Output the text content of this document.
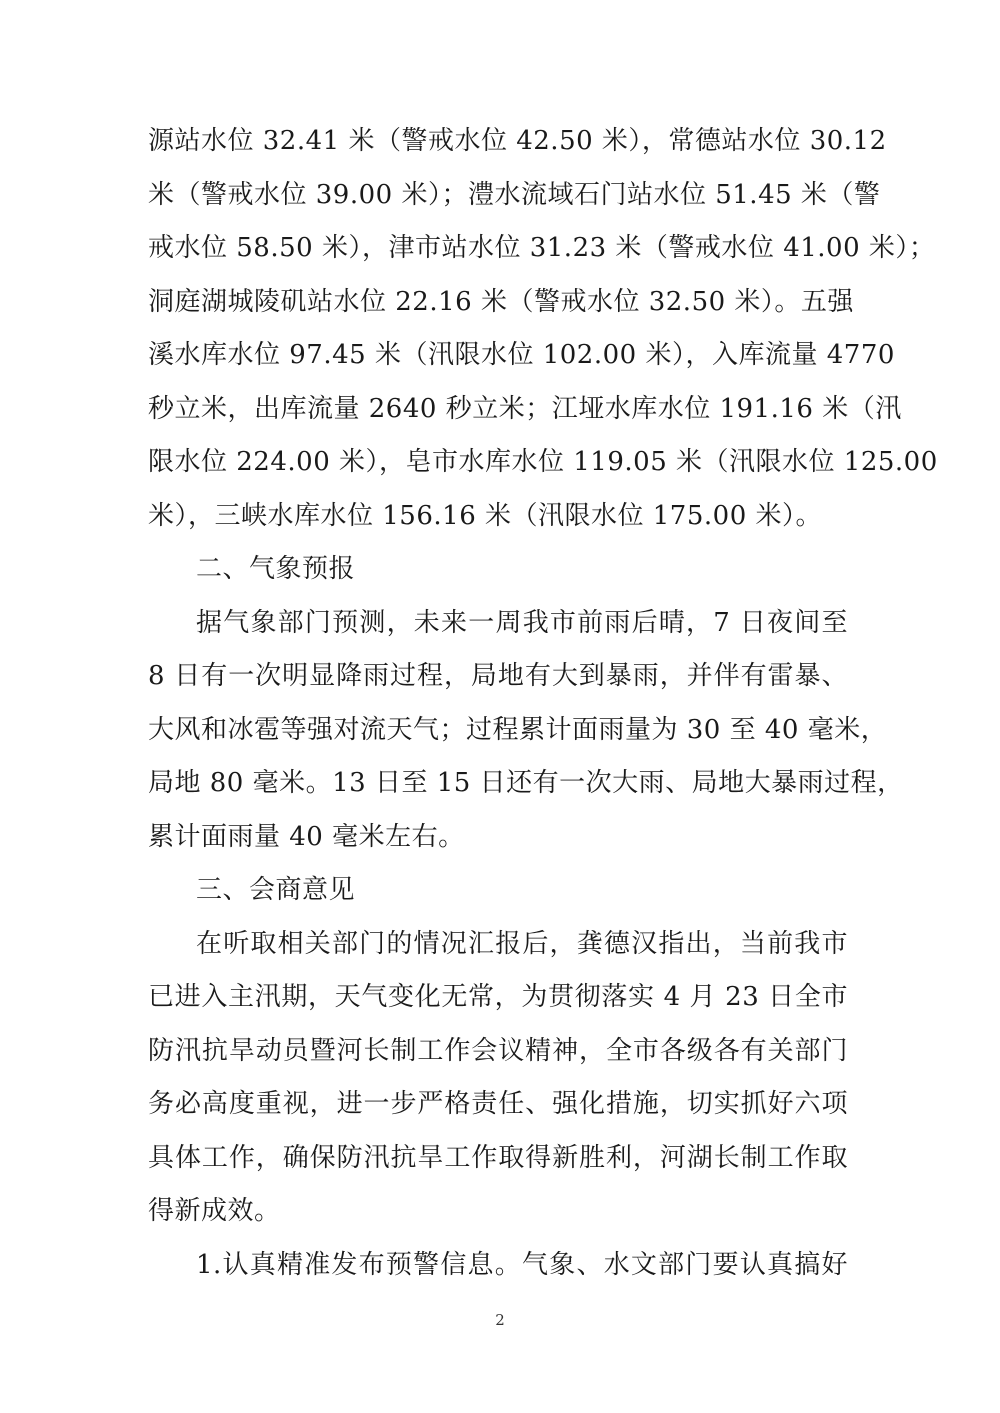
源站水位 32.41 米（警戒水位 42.50 米），常德站水位 30.12
米（警戒水位 39.00 米）；澧水流域石门站水位 51.45 米（警
戒水位 58.50 米），津市站水位 31.23 米（警戒水位 41.00 米）；
洞庭湖城陵矶站水位 22.16 米（警戒水位 32.50 米）。五强
溪水库水位 97.45 米（汛限水位 102.00 米），入库流量 4770
秒立米，出库流量 2640 秒立米；江垭水库水位 191.16 米（汛
限水位 224.00 米），皂市水库水位 119.05 米（汛限水位 125.00
米），三峡水库水位 156.16 米（汛限水位 175.00 米）。
二、气象预报
据气象部门预测，未来一周我市前雨后晴，7 日夜间至
8 日有一次明显降雨过程，局地有大到暴雨，并伴有雷暴、
大风和冰雹等强对流天气；过程累计面雨量为 30 至 40 毫米，
局地 80 毫米。13 日至 15 日还有一次大雨、局地大暴雨过程，
累计面雨量 40 毫米左右。
三、会商意见
在听取相关部门的情况汇报后，龚德汉指出，当前我市
已进入主汛期，天气变化无常，为贯彻落实 4 月 23 日全市
防汛抗旱动员暨河长制工作会议精神，全市各级各有关部门
务必高度重视，进一步严格责任、强化措施，切实抓好六项
具体工作，确保防汛抗旱工作取得新胜利，河湖长制工作取
得新成效。
1.认真精准发布预警信息。气象、水文部门要认真搞好
2
